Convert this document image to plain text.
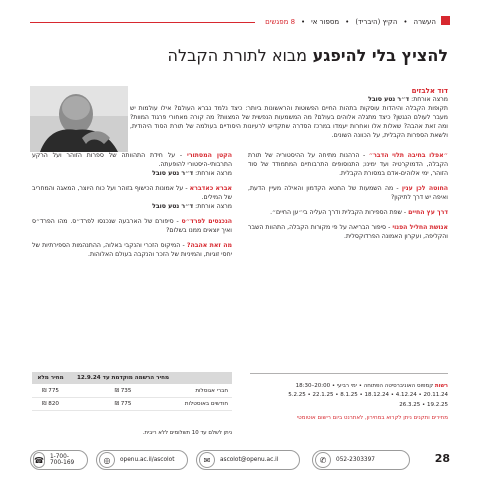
העשרה
•
הקיץ (היבריד)
•
מספור אי
•
8 מפגשים
להציץ בלי להיפגע מבוא לתורת הקבלה
דוד אלבזים
מרצה אורחת: ד״ר נטע סובל

תקופות הקבלה והיהדות עוסקות בתהות החיים הפשוטות והראשונות ביותר: כיצד נלמד נברא העולם? אילו עולמות יש מעבר לעולם הנגשן? כיצד מתגלה אלוהים בעולם? מה המשמעות הנפשית של המצוות? מה קורה מאחורי פרגוד המוות? ומה זאת אהבה? שאלות אלו ואחרות יעמדו במרכז הסדרה שתקדיש לרעיונות היסודיים בעולמה של תורת הסוד היהודית, ולשאת הספרות הקבלית, על הכוונה השונים.

״אפלו בחיבה תלוי הדבר״ - הרהנות מתיחה על ההיסטוריה של תורת הקבלה, הדמוקרטיה ועד ימינו; התנוסופים התרבותיים המתמודד של סוד הזוהר, ימי אלוהים-אדם במסורת הקבלית.
החוטה לכן ענין - מה השמעות של החטא הקדמון והאילה מעיין הדעת, ואיפה יש דרך לתיקון?
דרך עץ החיים - שפת הספירות הקבלית ודרך העליה בי״ען החיים״.
אנושת החליל הפנוי - סיפור הבריאה על פי מקורות הקבלה, התהוות השבר והקליפה, ועקרון האמונה הפרדוקסלית.
הקטן המסתורי - על חידת התהוותה של ספרות הזוהר ועל הרקע התרבותי-היסטורי להופעתה.
מרצה אורחת: ד״ר נטע סובל
אברא כאדברא - על אמונות הכישוף בזוהר ועל כוח היוצר, המאגה והמחריב של המילים.
מרצה אורחת: ד״ר נטע סובל
הנכנסים לפרד״ס - סיפורם של הארבעה שנכנסו לפרד״ס. מהו הפרד״ס ואיך יוצאים ממנו בשלום?
מה זאת אהבה? - המיקוס הזכרי והנקבי באלוה, ההתנהמות הספירתיות של יחסי זוגיות, והמיניות של הזכר והנקבה בעולם האלוהות.
רשות קמפוס האוניברסיטה הפתוחה • ימי רביעי • 20:00–18:30
20.11.24 • 4.12.24 • 18.12.24 • 8.1.25 • 22.1.25 • 5.2.25
19.2.25 • 26.3.25
מחירים ותקנים ניתן לקרוא במחירון, לאתרנט ביום רישום אוטומטי
	מחיר הרשמה מוקדמת עד 12.9.24	מחיר מלא
חברי אגוסלות	735 ₪	775 ₪
חודשים באוסטלות	775 ₪	820 ₪
ניתן לשלם עד 10 תשלומים ללא ריבית.
28
✆	052-2303397
✉	ascolot@openu.ac.il
◎	openu.ac.il/ascolot
☎ 1-700-700-169
